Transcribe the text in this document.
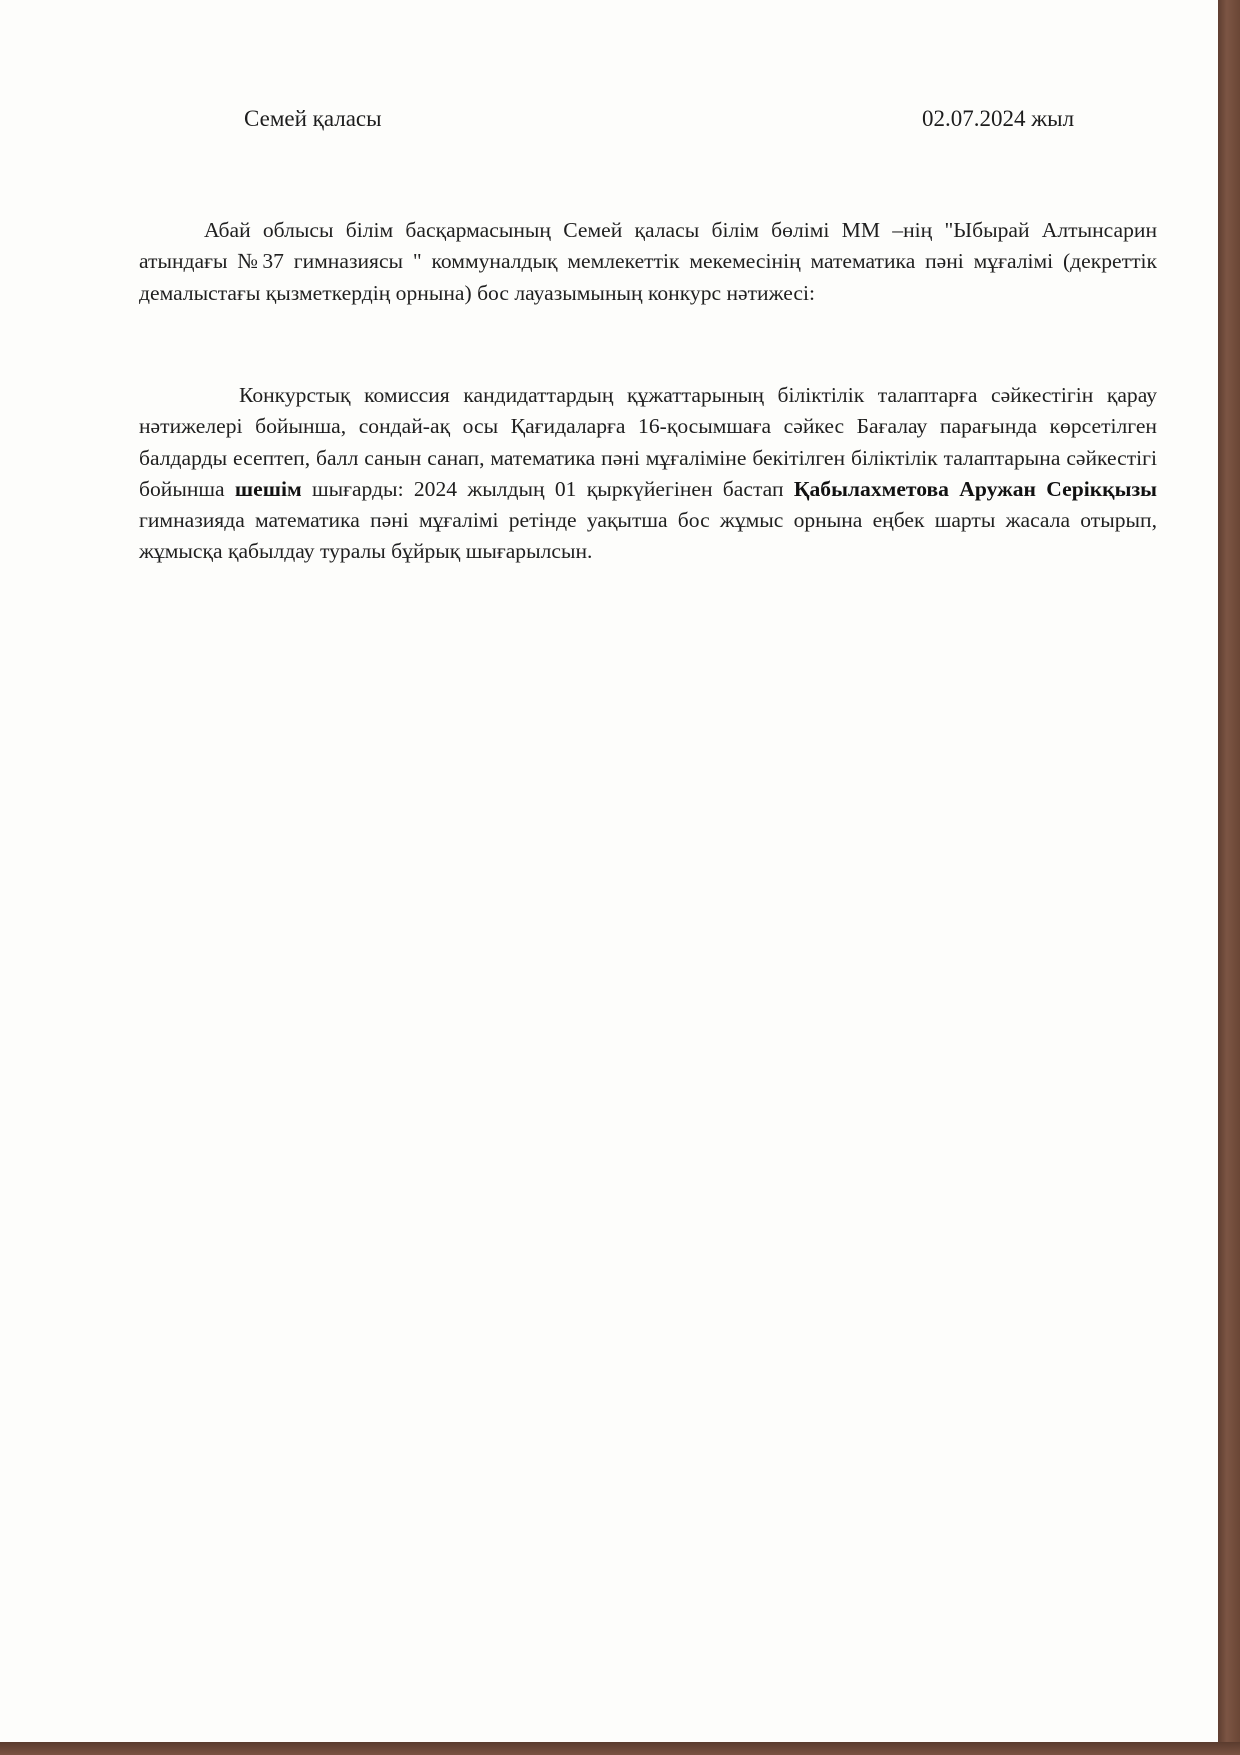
Семей қаласы	02.07.2024 жыл

Абай облысы білім басқармасының Семей қаласы білім бөлімі ММ –нің "Ыбырай Алтынсарин атындағы №37 гимназиясы " коммуналдық мемлекеттік мекемесінің математика пәні мұғалімі (декреттік демалыстағы қызметкердің орнына) бос лауазымының конкурс нәтижесі:

Конкурстық комиссия кандидаттардың құжаттарының біліктілік талаптарға сәйкестігін қарау нәтижелері бойынша, сондай-ақ осы Қағидаларға 16-қосымшаға сәйкес Бағалау парағында көрсетілген балдарды есептеп, балл санын санап, математика пәні мұғаліміне бекітілген біліктілік талаптарына сәйкестігі бойынша шешім шығарды: 2024 жылдың 01 қыркүйегінен бастап Қабылахметова Аружан Серікқызы гимназияда математика пәні мұғалімі ретінде уақытша бос жұмыс орнына еңбек шарты жасала отырып, жұмысқа қабылдау туралы бұйрық шығарылсын.
